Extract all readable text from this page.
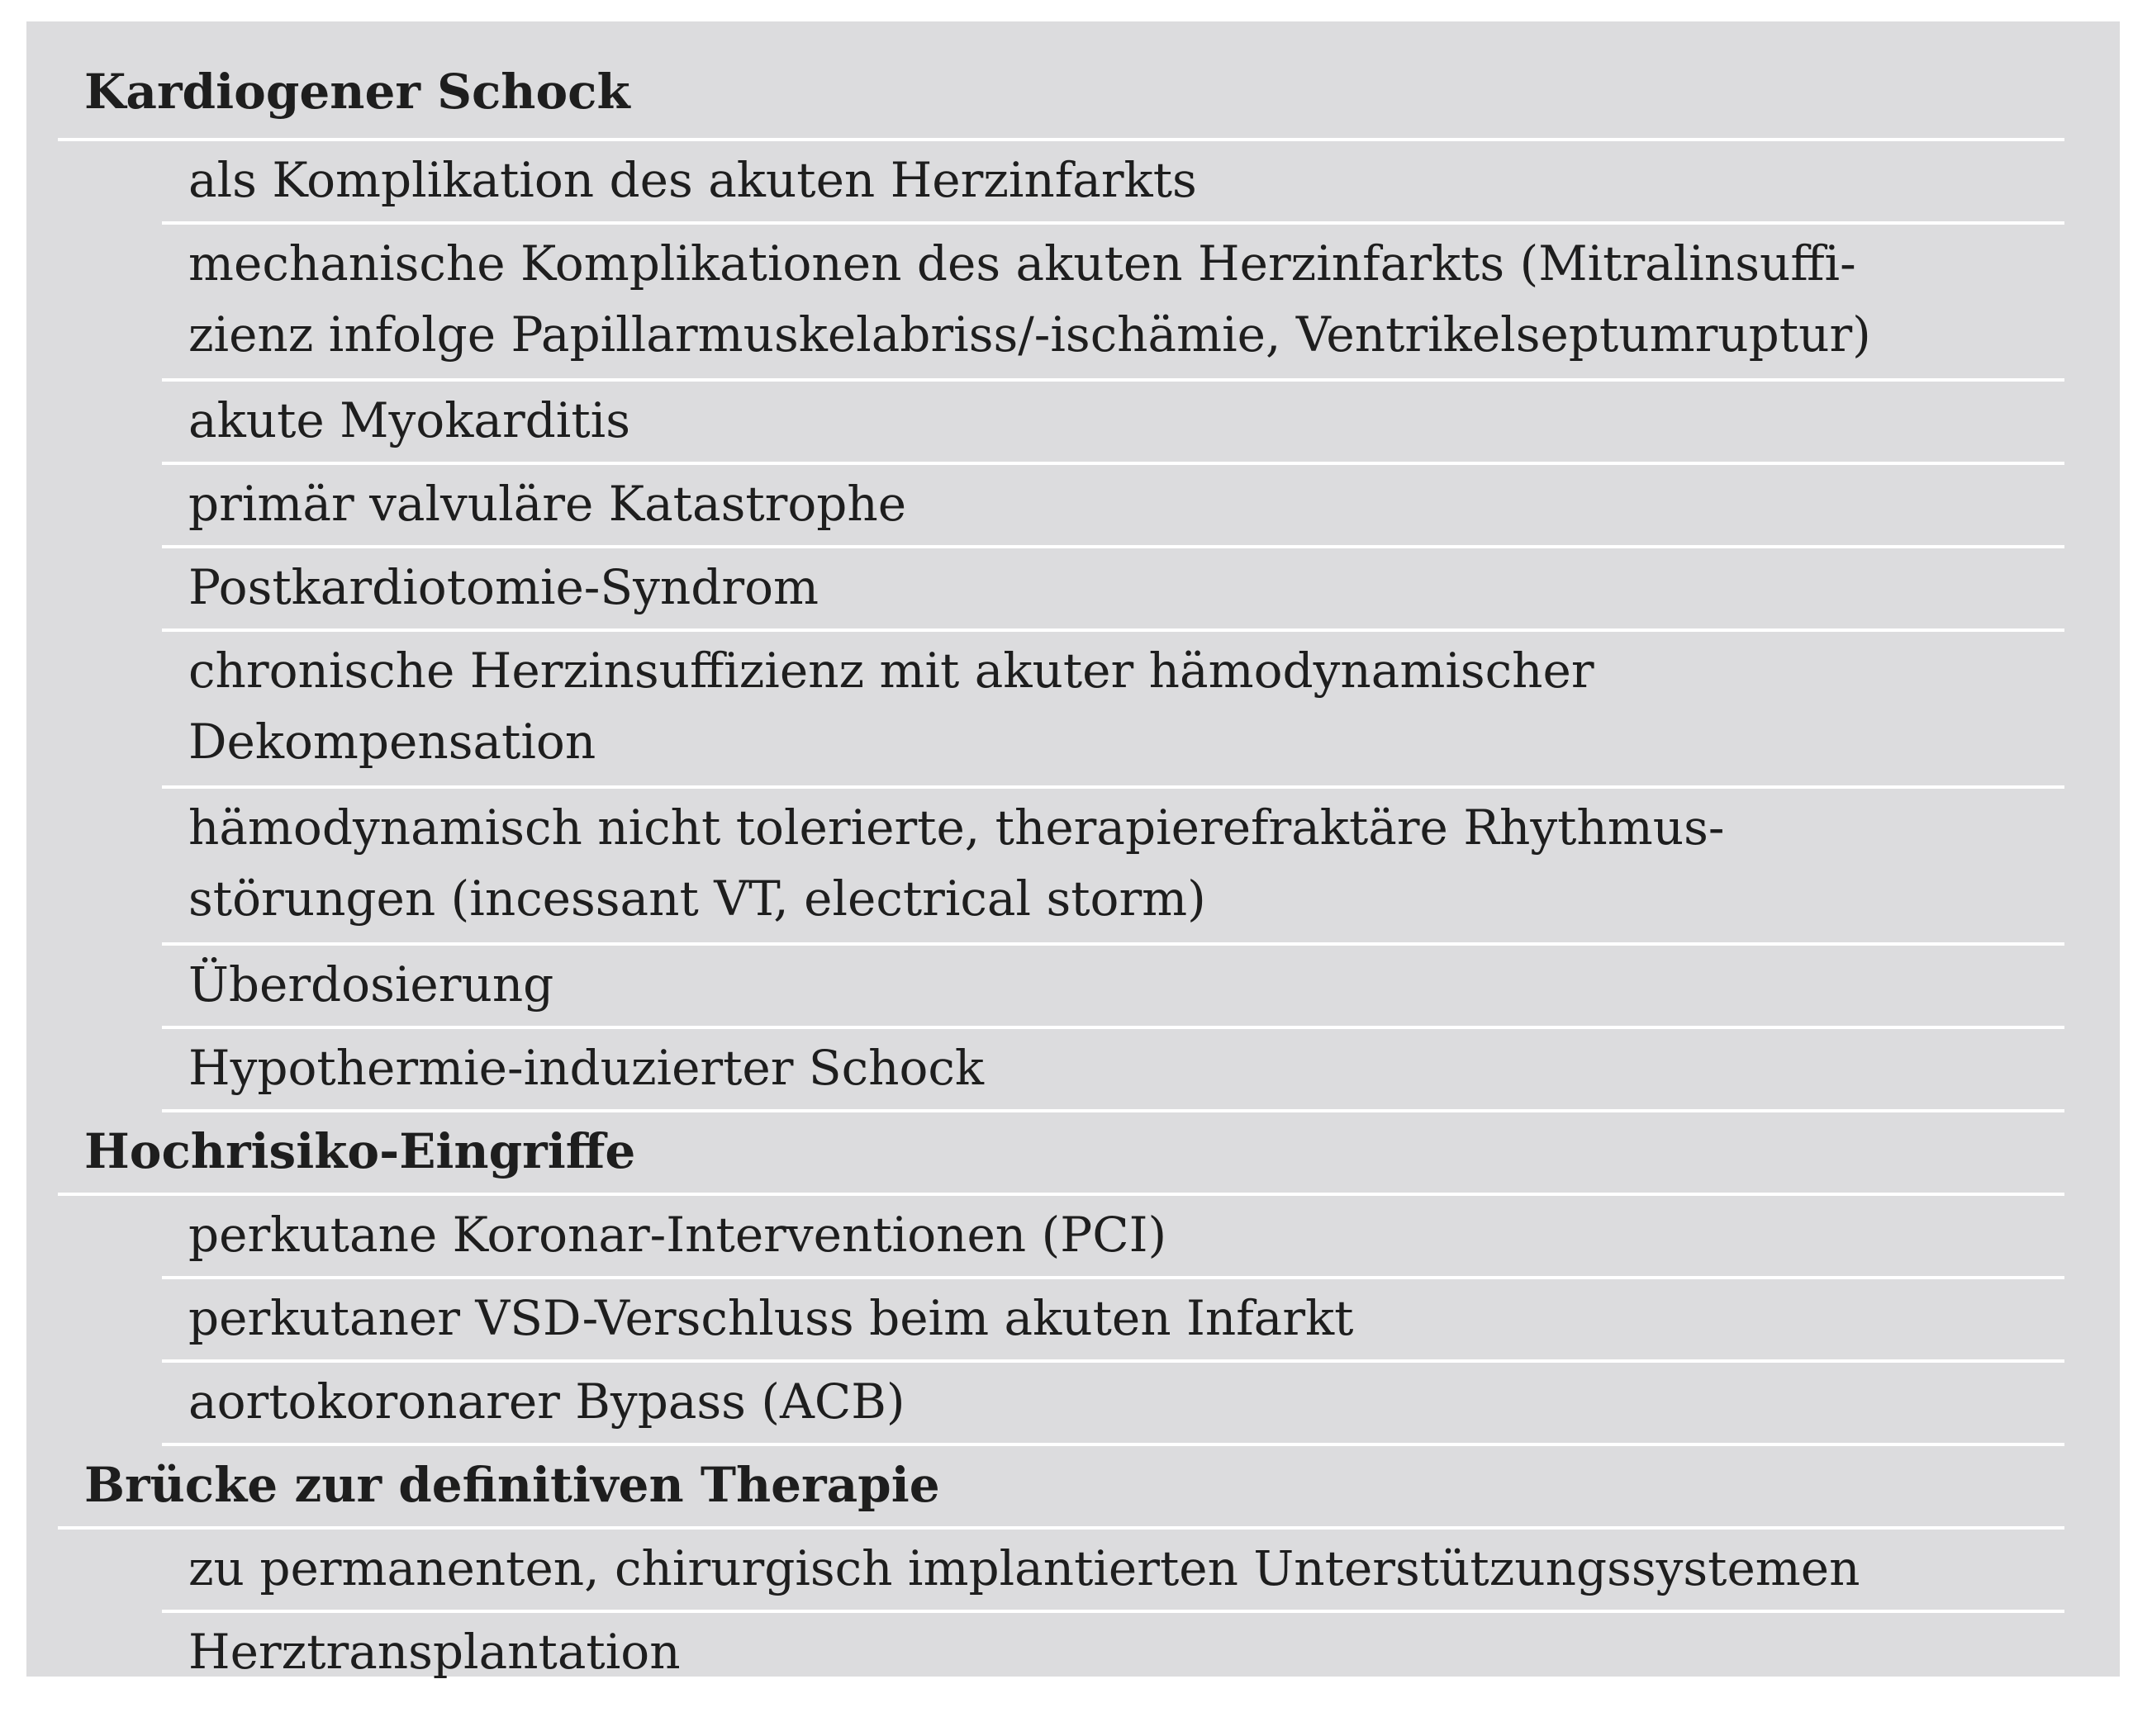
Kardiogener Schock
als Komplikation des akuten Herzinfarkts
mechanische Komplikationen des akuten Herzinfarkts (Mitralinsuffi-
zienz infolge Papillarmuskelabriss/-ischämie, Ventrikelseptumruptur)
akute Myokarditis
primär valvuläre Katastrophe
Postkardiotomie-Syndrom
chronische Herzinsuffizienz mit akuter hämodynamischer
Dekompensation
hämodynamisch nicht tolerierte, therapierefraktäre Rhythmus-
störungen (incessant VT, electrical storm)
Überdosierung
Hypothermie-induzierter Schock
Hochrisiko-Eingriffe
perkutane Koronar-Interventionen (PCI)
perkutaner VSD-Verschluss beim akuten Infarkt
aortokoronarer Bypass (ACB)
Brücke zur definitiven Therapie
zu permanenten, chirurgisch implantierten Unterstützungssystemen
Herztransplantation
